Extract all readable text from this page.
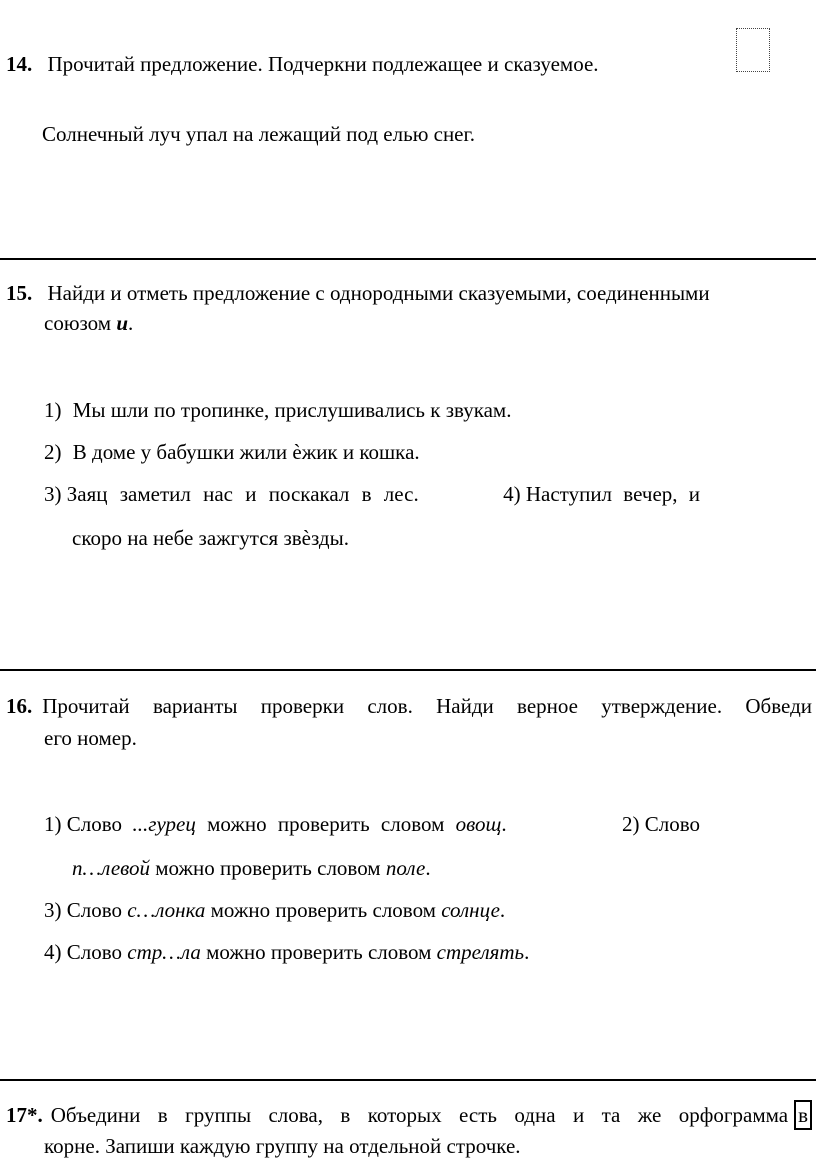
14. Прочитай предложение. Подчеркни подлежащее и сказуемое.
Солнечный луч упал на лежащий под елью снег.
15. Найди и отметь предложение с однородными сказуемыми, соединенными
союзом и.
1) Мы шли по тропинке, прислушивались к звукам.
2) В доме у бабушки жили ѐжик и кошка.
3) Заяц заметил нас и поскакал в лес.	4) Наступил вечер, и
скоро на небе зажгутся звѐзды.
16. Прочитай варианты проверки слов. Найди верное утверждение. Обведи
его номер.
1) Слово  ...гурец можно проверить словом овощ.	2) Слово
п…левой можно проверить словом поле.
3) Слово с…лонка можно проверить словом солнце.
4) Слово стр…ла можно проверить словом стрелять.
17*. Объедини в группы слова, в которых есть одна и та же орфограмма в
корне. Запиши каждую группу на отдельной строчке.
